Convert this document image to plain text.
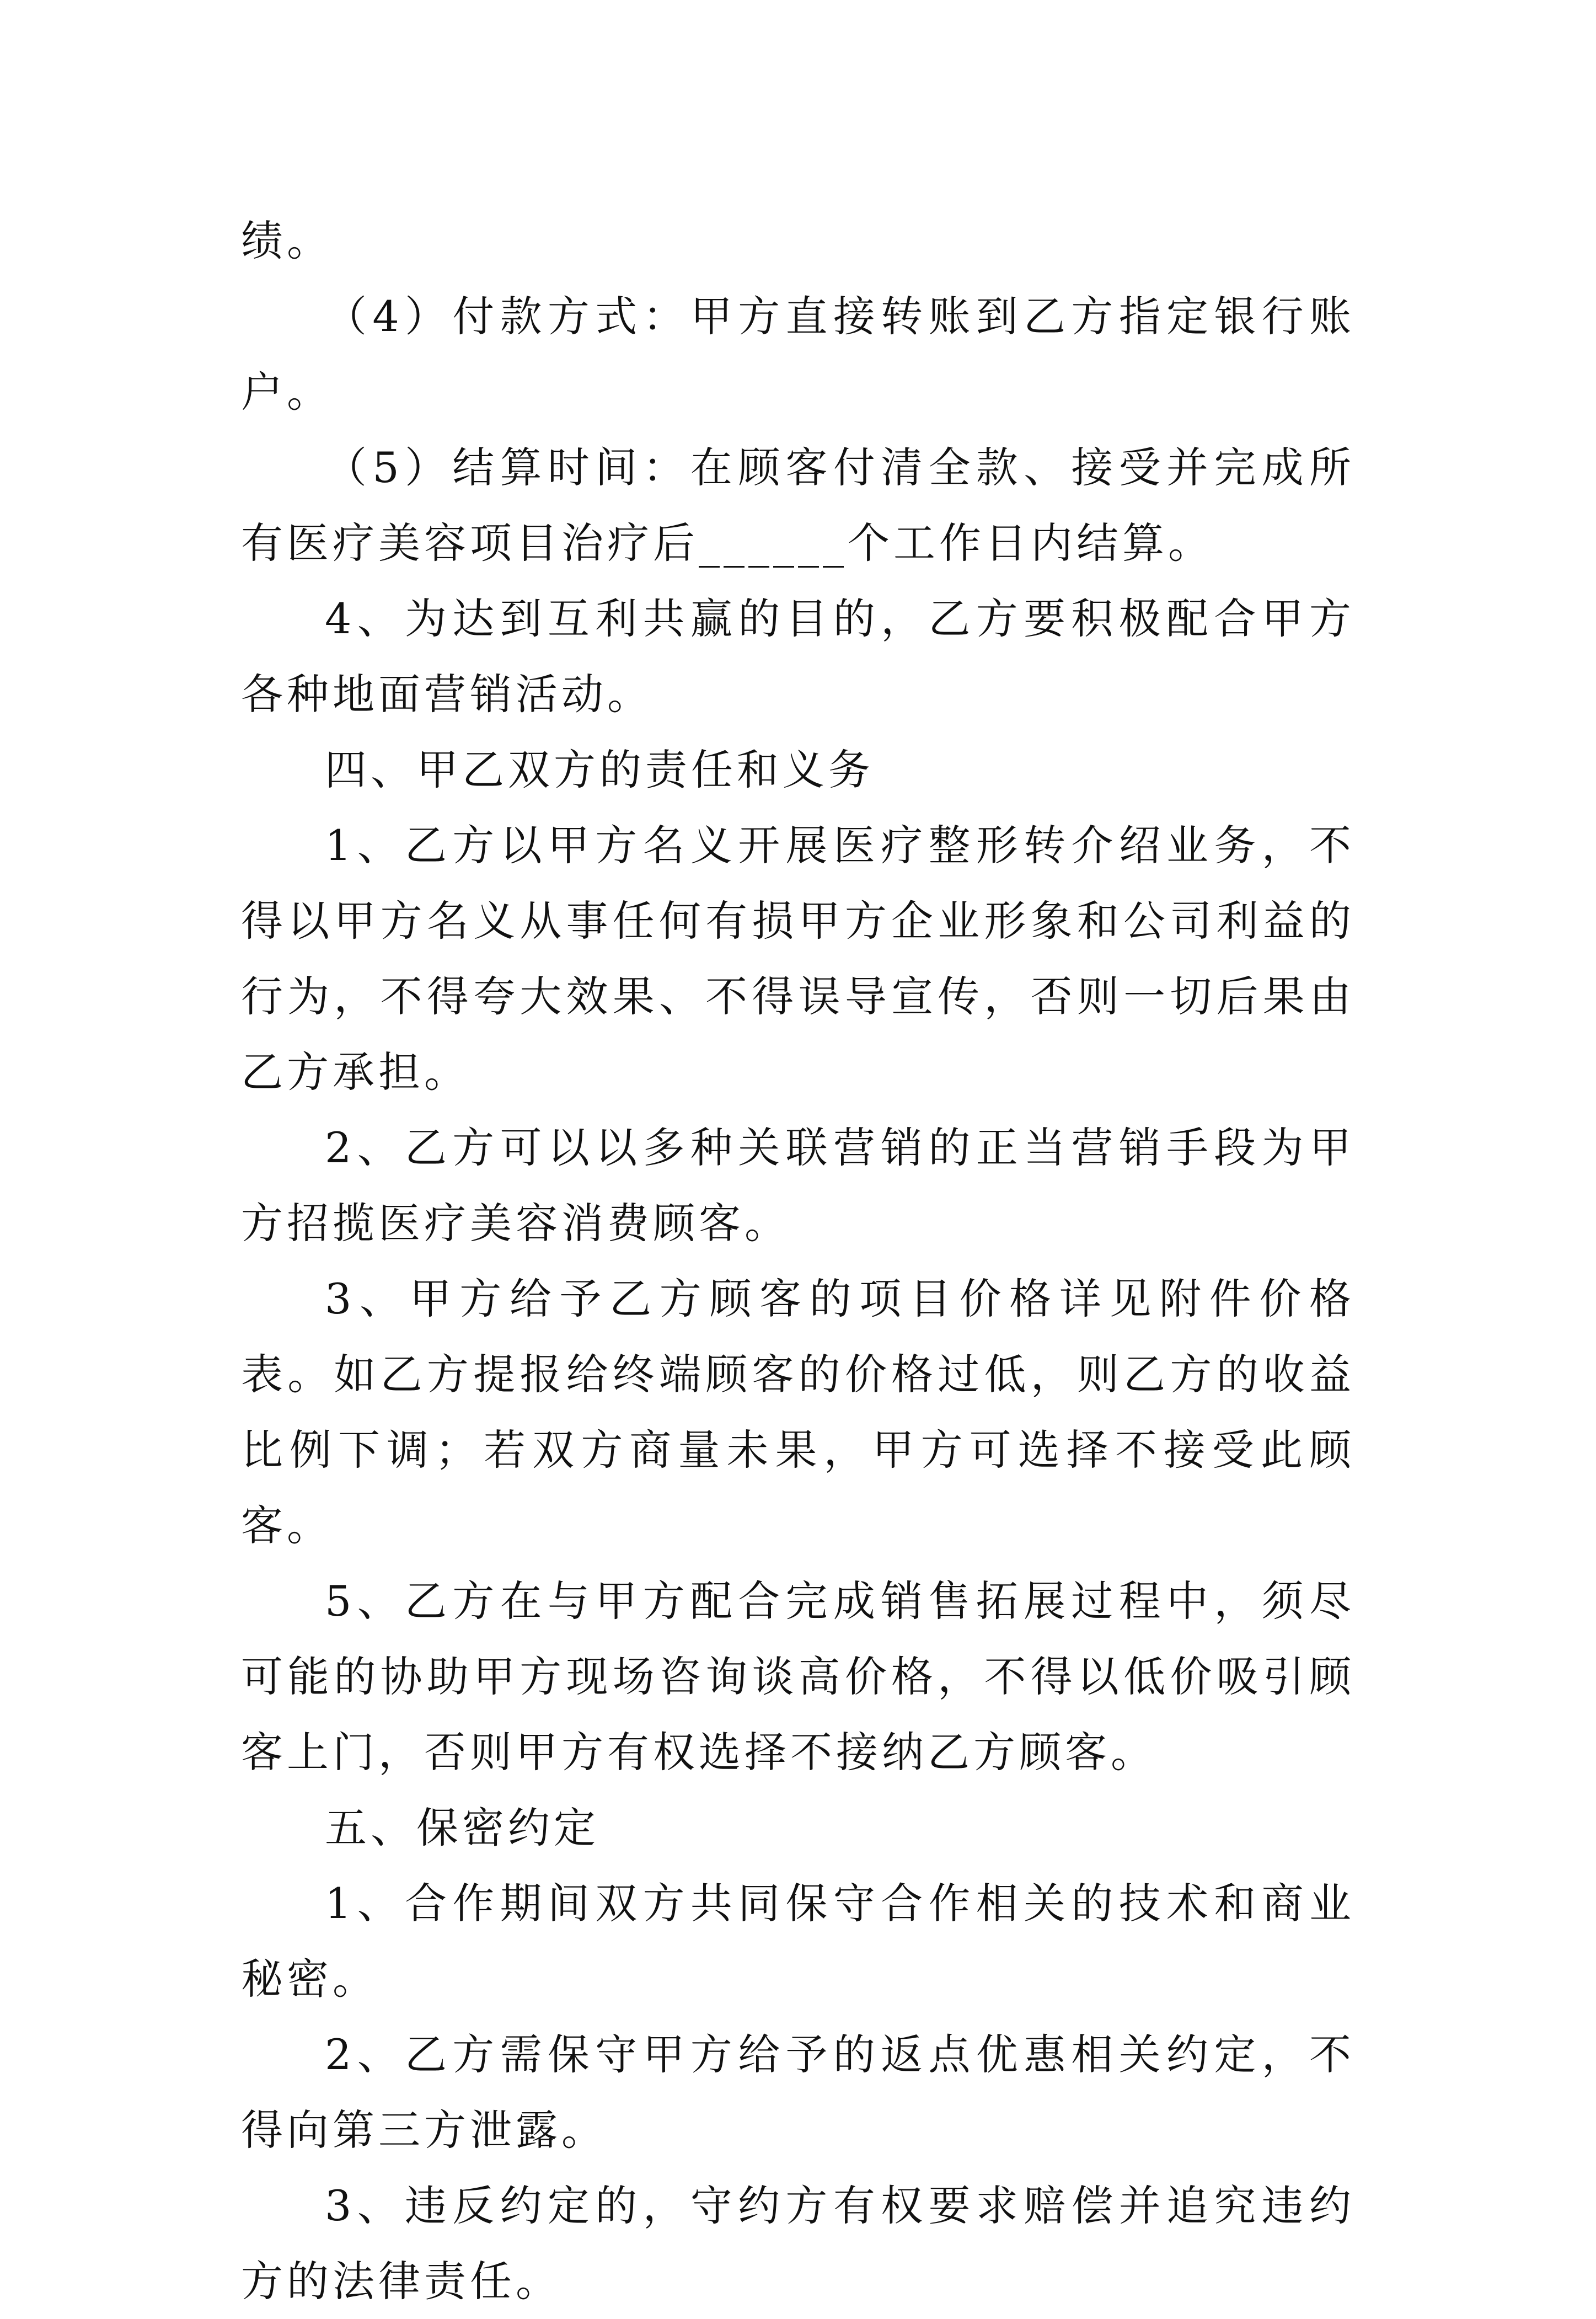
绩。

（4）付款方式：甲方直接转账到乙方指定银行账户。

（5）结算时间：在顾客付清全款、接受并完成所有医疗美容项目治疗后______个工作日内结算。

4、为达到互利共赢的目的，乙方要积极配合甲方各种地面营销活动。

四、甲乙双方的责任和义务

1、乙方以甲方名义开展医疗整形转介绍业务，不得以甲方名义从事任何有损甲方企业形象和公司利益的行为，不得夸大效果、不得误导宣传，否则一切后果由乙方承担。

2、乙方可以以多种关联营销的正当营销手段为甲方招揽医疗美容消费顾客。

3、甲方给予乙方顾客的项目价格详见附件价格表。如乙方提报给终端顾客的价格过低，则乙方的收益比例下调；若双方商量未果，甲方可选择不接受此顾客。

5、乙方在与甲方配合完成销售拓展过程中，须尽可能的协助甲方现场咨询谈高价格，不得以低价吸引顾客上门，否则甲方有权选择不接纳乙方顾客。

五、保密约定

1、合作期间双方共同保守合作相关的技术和商业秘密。

2、乙方需保守甲方给予的返点优惠相关约定，不得向第三方泄露。

3、违反约定的，守约方有权要求赔偿并追究违约方的法律责任。
